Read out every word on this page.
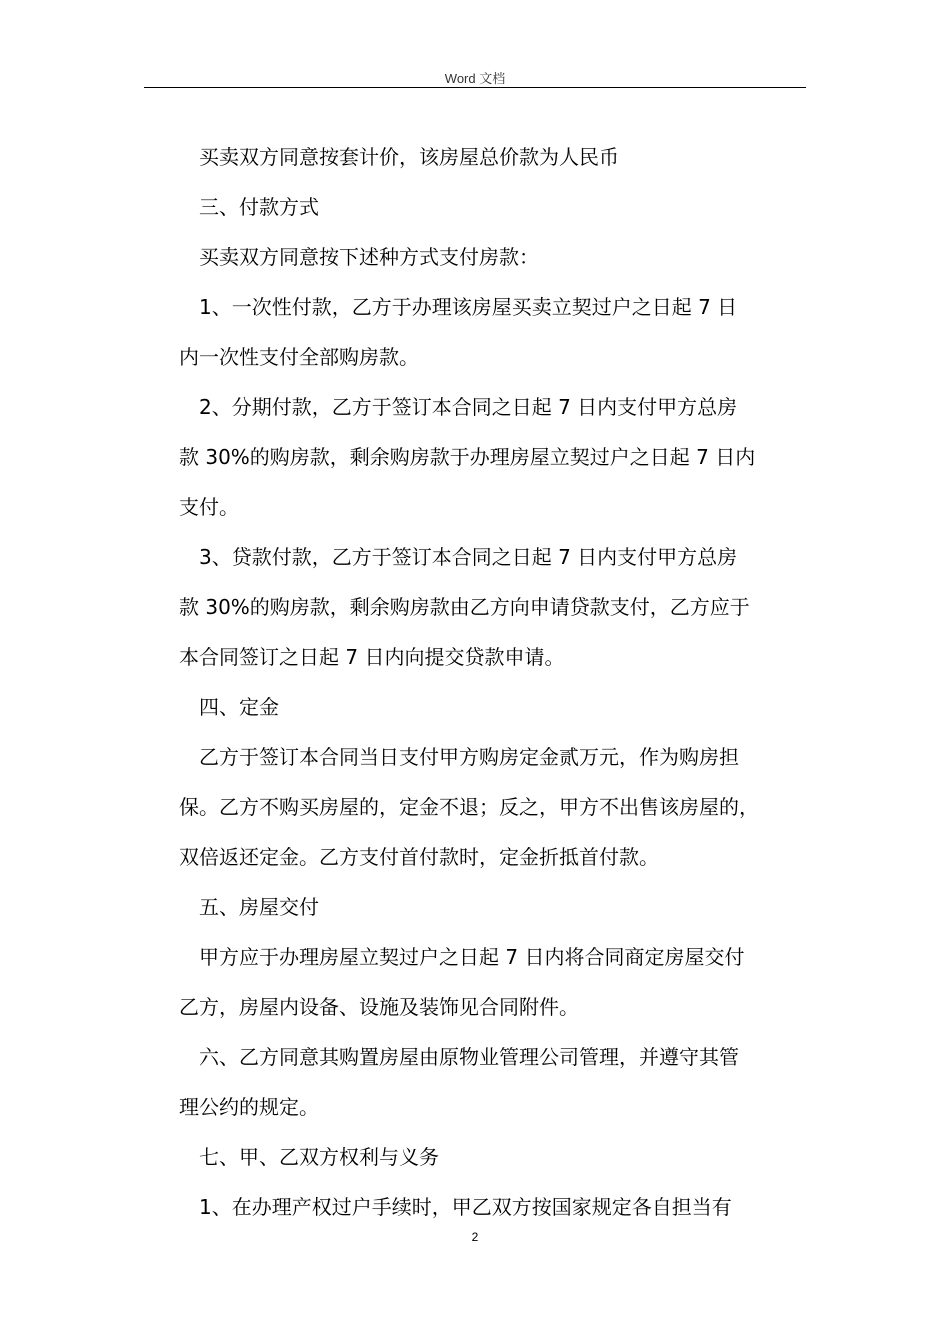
Word 文档
买卖双方同意按套计价，该房屋总价款为人民币
三、付款方式
买卖双方同意按下述种方式支付房款：
1、一次性付款，乙方于办理该房屋买卖立契过户之日起 7 日
内一次性支付全部购房款。
2、分期付款，乙方于签订本合同之日起 7 日内支付甲方总房
款 30%的购房款，剩余购房款于办理房屋立契过户之日起 7 日内
支付。
3、贷款付款，乙方于签订本合同之日起 7 日内支付甲方总房
款 30%的购房款，剩余购房款由乙方向申请贷款支付，乙方应于
本合同签订之日起 7 日内向提交贷款申请。
四、定金
乙方于签订本合同当日支付甲方购房定金贰万元，作为购房担
保。乙方不购买房屋的，定金不退；反之，甲方不出售该房屋的，
双倍返还定金。乙方支付首付款时，定金折抵首付款。
五、房屋交付
甲方应于办理房屋立契过户之日起 7 日内将合同商定房屋交付
乙方，房屋内设备、设施及装饰见合同附件。
六、乙方同意其购置房屋由原物业管理公司管理，并遵守其管
理公约的规定。
七、甲、乙双方权利与义务
1、在办理产权过户手续时，甲乙双方按国家规定各自担当有
2
